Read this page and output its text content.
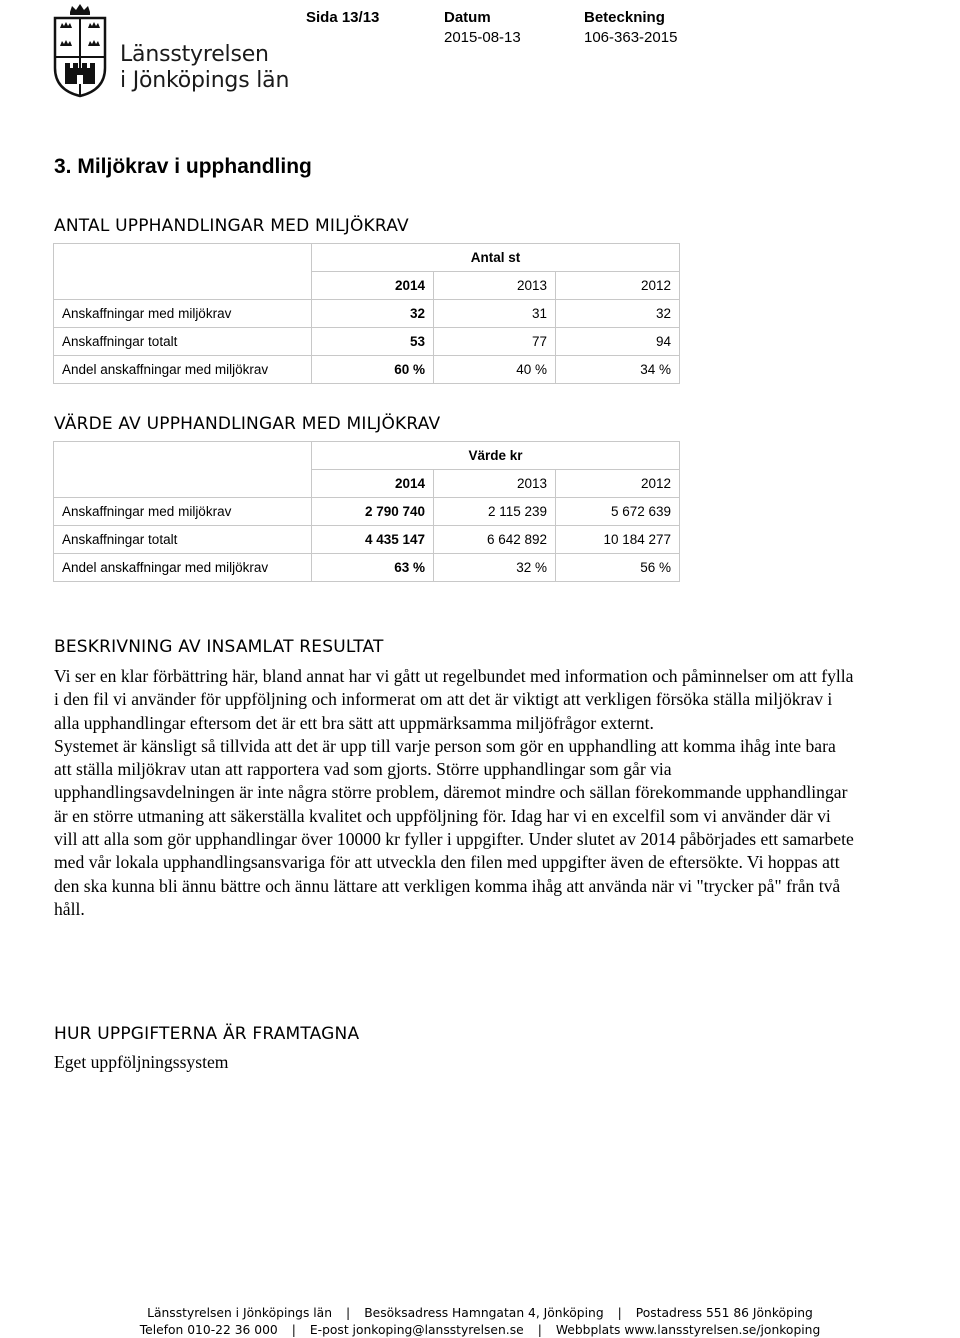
Länsstyrelsen
i Jönköpings län
Sida 13/13	Datum
2015-08-13
Beteckning
106-363-2015
3. Miljökrav i upphandling
ANTAL UPPHANDLINGAR MED MILJÖKRAV
	Antal st		
	2014	2013	2012
Anskaffningar med miljökrav	32	31	32
Anskaffningar totalt	53	77	94
Andel anskaffningar med miljökrav	60 %	40 %	34 %
VÄRDE AV UPPHANDLINGAR MED MILJÖKRAV
	Värde kr		
	2014	2013	2012
Anskaffningar med miljökrav	2 790 740	2 115 239	5 672 639
Anskaffningar totalt	4 435 147	6 642 892	10 184 277
Andel anskaffningar med miljökrav	63 %	32 %	56 %
BESKRIVNING AV INSAMLAT RESULTAT

Vi ser en klar förbättring här, bland annat har vi gått ut regelbundet med information och påminnelser om att fylla i den fil vi använder för uppföljning och informerat om att det är viktigt att verkligen försöka ställa miljökrav i alla upphandlingar eftersom det är ett bra sätt att uppmärksamma miljöfrågor externt.

Systemet är känsligt så tillvida att det är upp till varje person som gör en upphandling att komma ihåg inte bara att ställa miljökrav utan att rapportera vad som gjorts. Större upphandlingar som går via upphandlingsavdelningen är inte några större problem, däremot mindre och sällan förekommande upphandlingar är en större utmaning att säkerställa kvalitet och uppföljning för. Idag har vi en excelfil som vi använder där vi vill att alla som gör upphandlingar över 10000 kr fyller i uppgifter. Under slutet av 2014 påbörjades ett samarbete med vår lokala upphandlingsansvariga för att utveckla den filen med uppgifter även de eftersökte. Vi hoppas att den ska kunna bli ännu bättre och ännu lättare att verkligen komma ihåg att använda när vi "trycker på" från två håll.

HUR UPPGIFTERNA ÄR FRAMTAGNA

Eget uppföljningssystem

Länsstyrelsen i Jönköpings län | Besöksadress Hamngatan 4, Jönköping | Postadress 551 86 Jönköping
Telefon 010-22 36 000 | E-post jonkoping@lansstyrelsen.se | Webbplats www.lansstyrelsen.se/jonkoping
